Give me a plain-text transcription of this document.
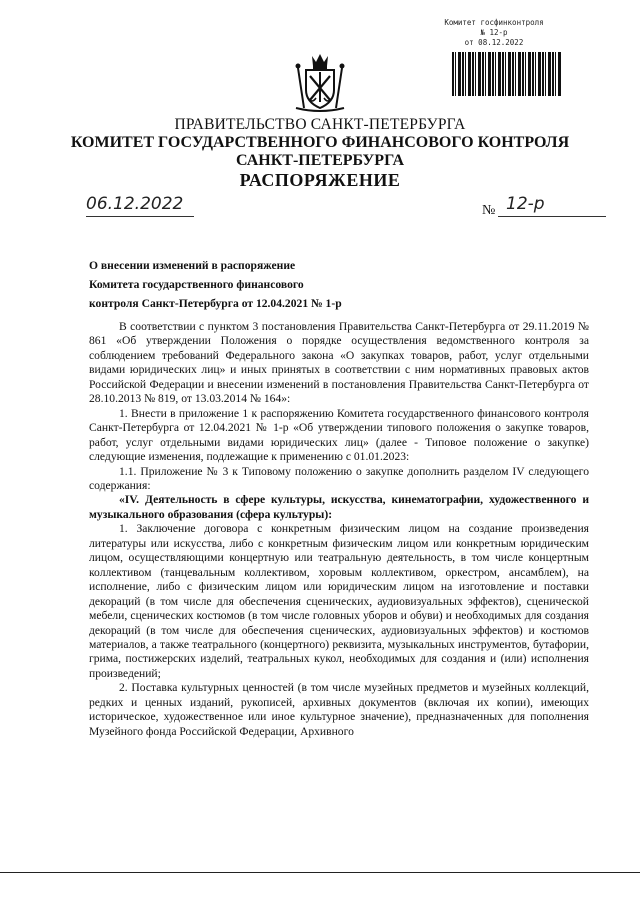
Комитет госфинконтроля
№ 12-р
от 08.12.2022
ПРАВИТЕЛЬСТВО САНКТ-ПЕТЕРБУРГА
КОМИТЕТ ГОСУДАРСТВЕННОГО ФИНАНСОВОГО КОНТРОЛЯ
САНКТ-ПЕТЕРБУРГА
РАСПОРЯЖЕНИЕ
06.12.2022	№ 12-р
О внесении изменений в распоряжение
Комитета государственного финансового
контроля Санкт-Петербурга от 12.04.2021 № 1-р

В соответствии с пунктом 3 постановления Правительства Санкт-Петербурга от 29.11.2019 № 861 «Об утверждении Положения о порядке осуществления ведомственного контроля за соблюдением требований Федерального закона «О закупках товаров, работ, услуг отдельными видами юридических лиц» и иных принятых в соответствии с ним нормативных правовых актов Российской Федерации и внесении изменений в постановления Правительства Санкт-Петербурга от 28.10.2013 № 819, от 13.03.2014 № 164»:

1. Внести в приложение 1 к распоряжению Комитета государственного финансового контроля Санкт-Петербурга от 12.04.2021 № 1-р «Об утверждении типового положения о закупке товаров, работ, услуг отдельными видами юридических лиц» (далее - Типовое положение о закупке) следующие изменения, подлежащие к применению с 01.01.2023:

1.1. Приложение № 3 к Типовому положению о закупке дополнить разделом IV следующего содержания:

«IV. Деятельность в сфере культуры, искусства, кинематографии, художественного и музыкального образования (сфера культуры):

1. Заключение договора с конкретным физическим лицом на создание произведения литературы или искусства, либо с конкретным физическим лицом или конкретным юридическим лицом, осуществляющими концертную или театральную деятельность, в том числе концертным коллективом (танцевальным коллективом, хоровым коллективом, оркестром, ансамблем), на исполнение, либо с физическим лицом или юридическим лицом на изготовление и поставки декораций (в том числе для обеспечения сценических, аудиовизуальных эффектов), сценической мебели, сценических костюмов (в том числе головных уборов и обуви) и необходимых для создания декораций (в том числе для обеспечения сценических, аудиовизуальных эффектов) и костюмов материалов, а также театрального (концертного) реквизита, музыкальных инструментов, бутафории, грима, постижерских изделий, театральных кукол, необходимых для создания и (или) исполнения произведений;

2. Поставка культурных ценностей (в том числе музейных предметов и музейных коллекций, редких и ценных изданий, рукописей, архивных документов (включая их копии), имеющих историческое, художественное или иное культурное значение), предназначенных для пополнения Музейного фонда Российской Федерации, Архивного
